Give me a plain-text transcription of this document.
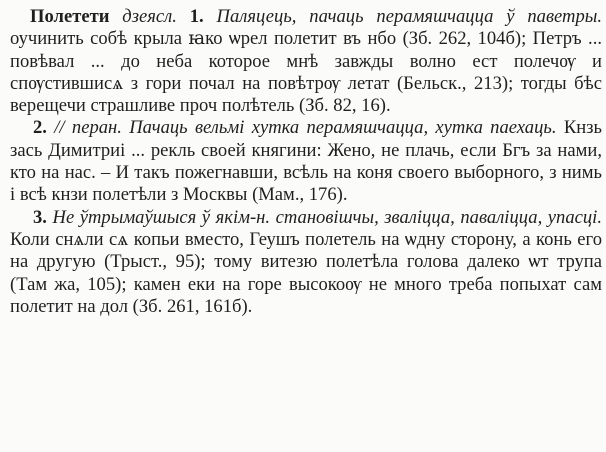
Полетети дзеясл. 1. Паляцець, пачаць перамяшчацца ў паветры. оучинить собѣ крыла ꙗко ѡрел полетит въ нбо (Зб. 262, 104б); Петръ ... повѣвал ... до неба которое мнѣ завжды волно ест полечѹ и спѹстившисѧ з гори почал на повѣтрѹ летат (Бельск., 213); тогды бѣс верещечи страшливе проч полѣтель (Зб. 82, 16).

2. // перан. Пачаць вельмі хутка перамяшчацца, хутка паехаць. Кнзь зась Димитриі ... рекль своей княгини: Жено, не плачь, если Бгъ за нами, кто на нас. – И такъ пожегнавши, всѣль на коня своего выборного, з нимь і всѣ кнзи полетѣли з Москвы (Мам., 176).

3. Не ўтрымаўшыся ў якім-н. становішчы, зваліцца, паваліцца, упасці. Коли снѧли сѧ копьи вместо, Геушъ полетель на ѡдну сторону, а конь его на другую (Трыст., 95); тому витезю полетѣла голова далеко ѡт трупа (Там жа, 105); камен еки на горе высокоѹ не много треба попыхат сам полетит на дол (Зб. 261, 161б).
